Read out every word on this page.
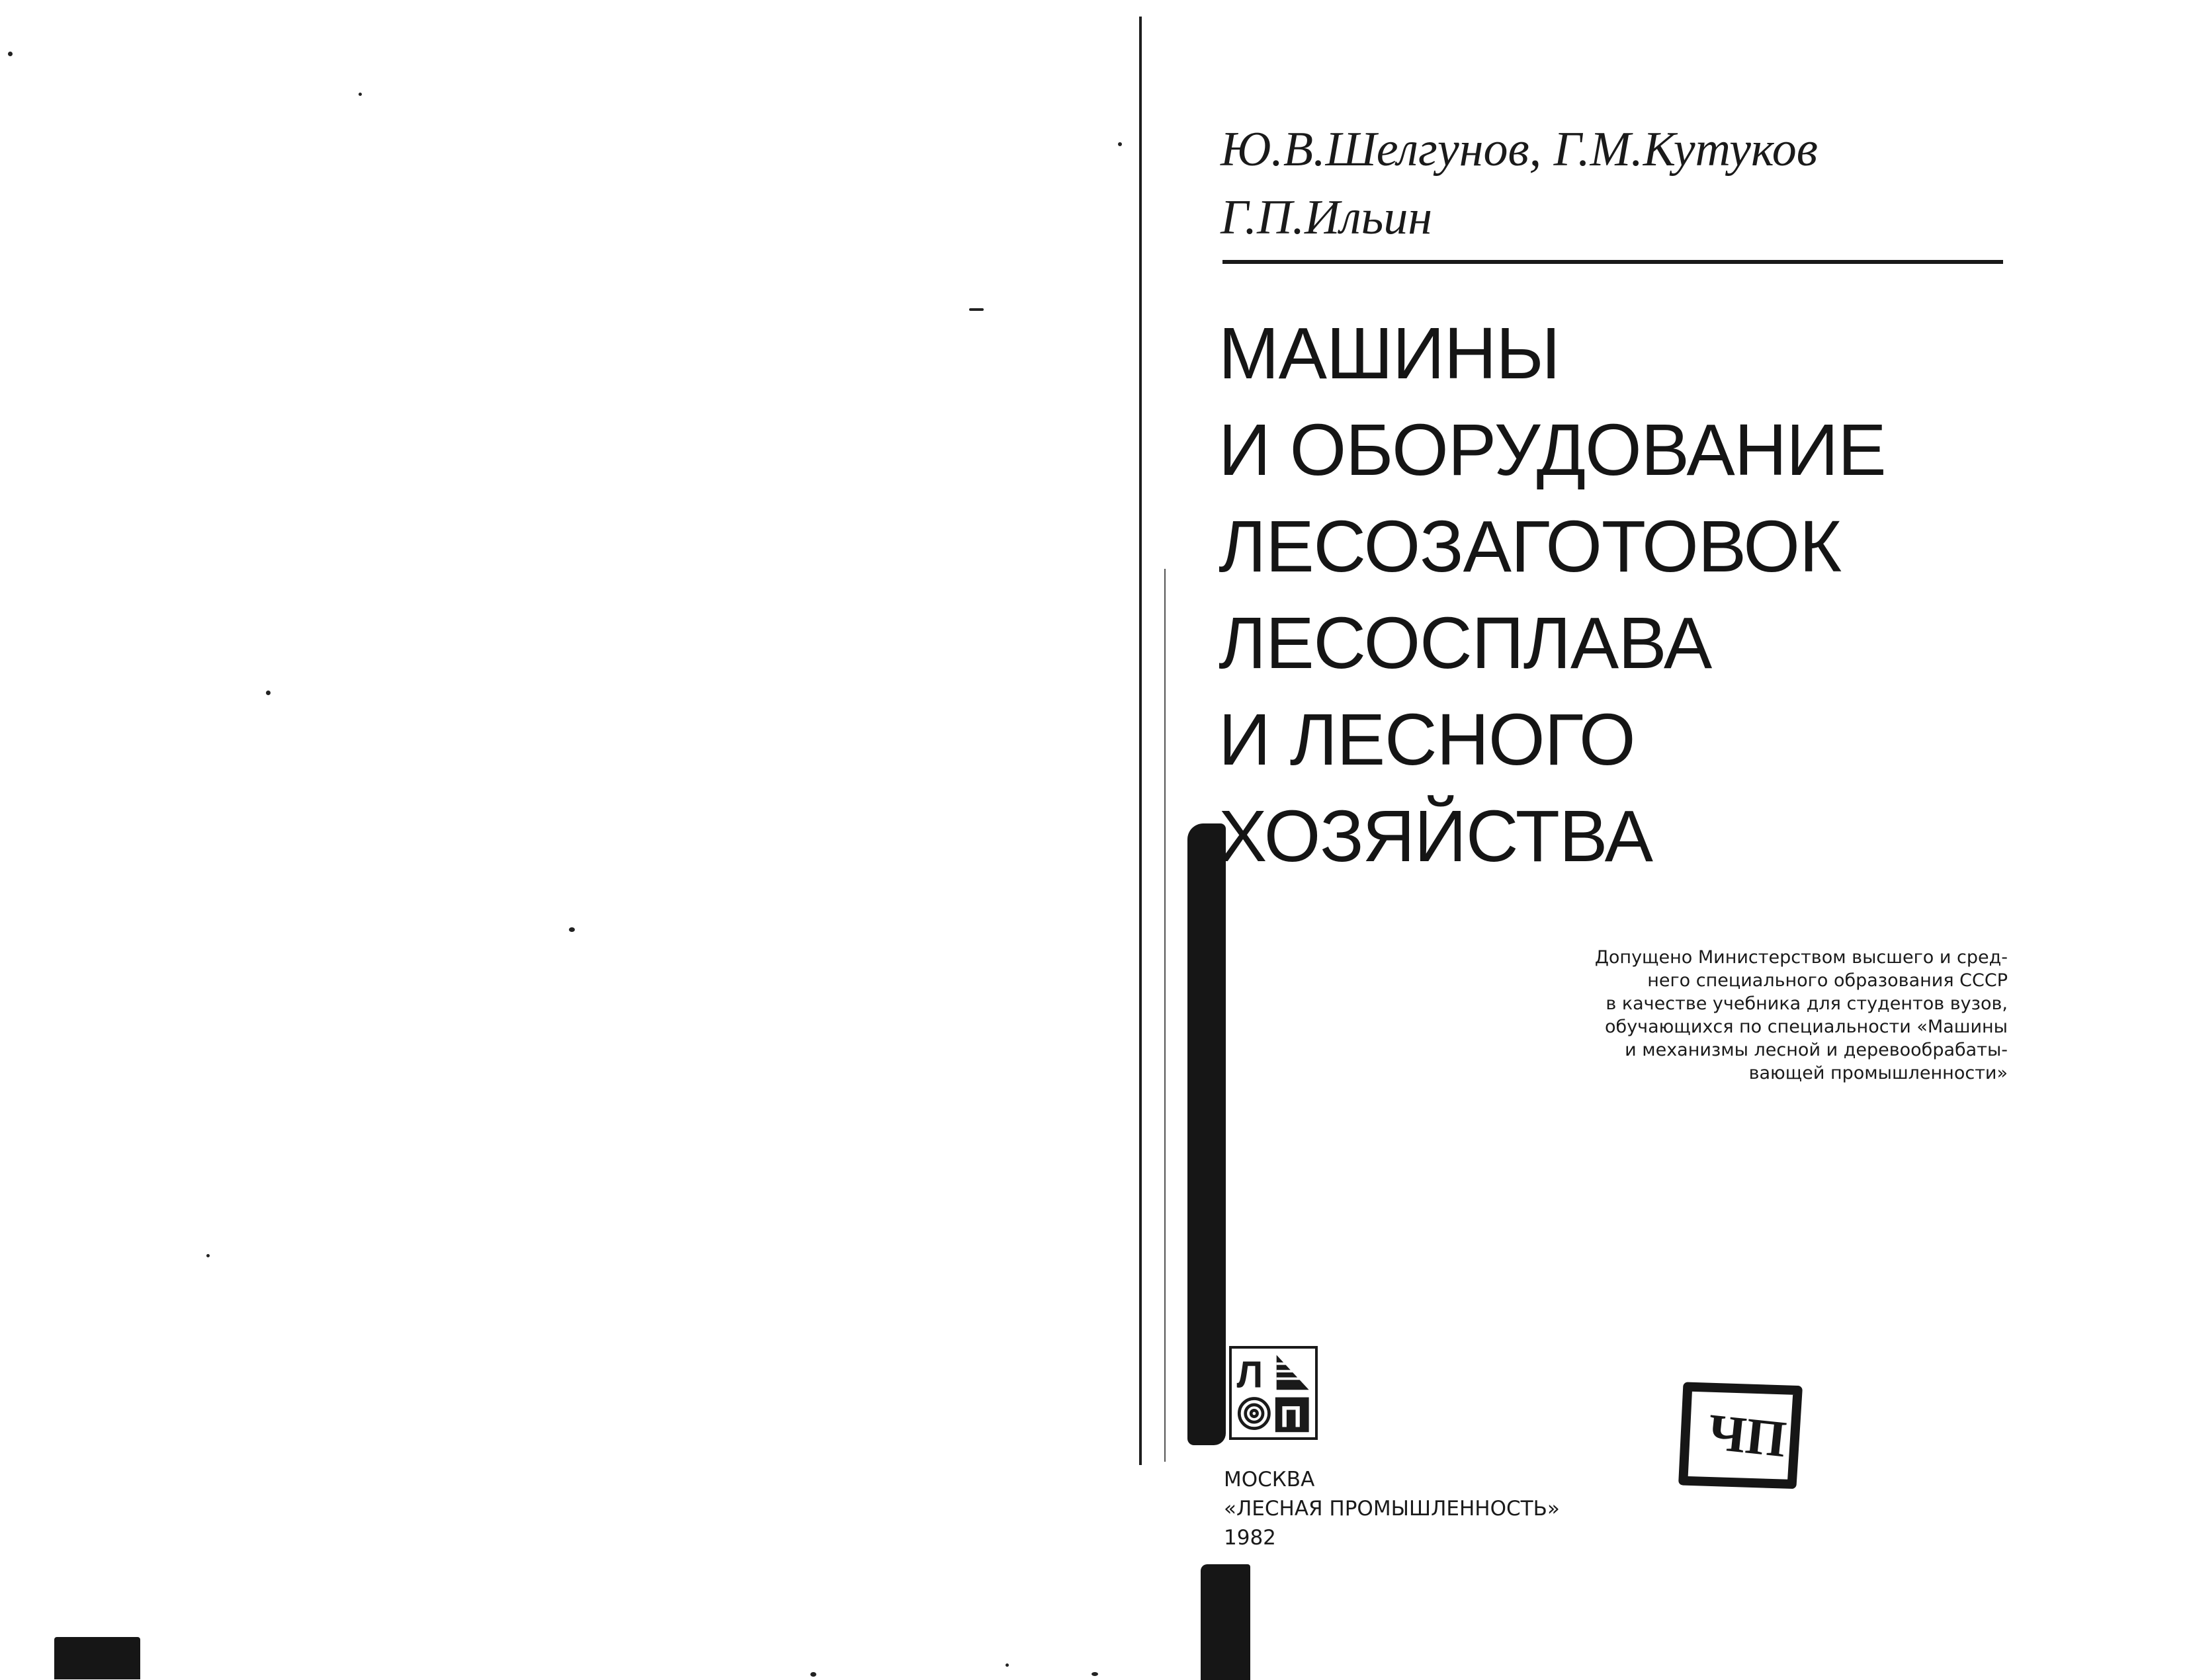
Ю.В.Шелгунов, Г.М.Кутуков
Г.П.Ильин
МАШИНЫ
И ОБОРУДОВАНИЕ
ЛЕСОЗАГОТОВОК
ЛЕСОСПЛАВА
И ЛЕСНОГО
ХОЗЯЙСТВА
Допущено Министерством высшего и сред-
него специального образования СССР
в качестве учебника для студентов вузов,
обучающихся по специальности «Машины
и механизмы лесной и деревообрабаты-
вающей промышленности»
Л
П
МОСКВА
«ЛЕСНАЯ ПРОМЫШЛЕННОСТЬ»
1982
ЧП
